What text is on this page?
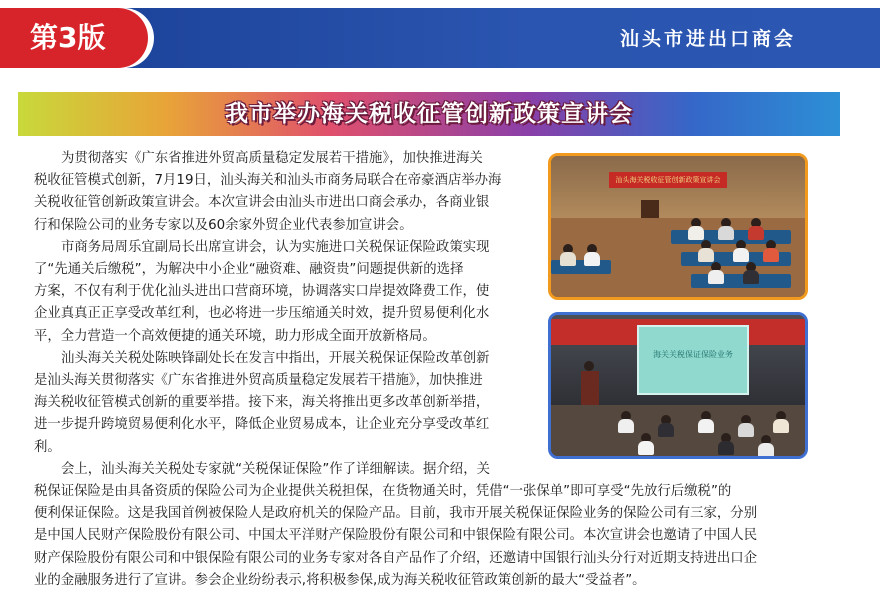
第3版	汕头市进出口商会
我市举办海关税收征管创新政策宣讲会
为贯彻落实《广东省推进外贸高质量稳定发展若干措施》，加快推进海关
税收征管模式创新，7月19日，汕头海关和汕头市商务局联合在帝豪酒店举办海
关税收征管创新政策宣讲会。本次宣讲会由汕头市进出口商会承办，各商业银
行和保险公司的业务专家以及60余家外贸企业代表参加宣讲会。
市商务局周乐宜副局长出席宣讲会，认为实施进口关税保证保险政策实现
了“先通关后缴税”，为解决中小企业“融资难、融资贵”问题提供新的选择
方案，不仅有利于优化汕头进出口营商环境，协调落实口岸提效降费工作，使
企业真真正正享受改革红利，也必将进一步压缩通关时效，提升贸易便利化水
平，全力营造一个高效便捷的通关环境，助力形成全面开放新格局。
汕头海关关税处陈映锋副处长在发言中指出，开展关税保证保险改革创新
是汕头海关贯彻落实《广东省推进外贸高质量稳定发展若干措施》，加快推进
海关税收征管模式创新的重要举措。接下来，海关将推出更多改革创新举措，
进一步提升跨境贸易便利化水平，降低企业贸易成本，让企业充分享受改革红
利。
会上，汕头海关关税处专家就“关税保证保险”作了详细解读。据介绍，关
税保证保险是由具备资质的保险公司为企业提供关税担保，在货物通关时，凭借“一张保单”即可享受“先放行后缴税”的
便利保证保险。这是我国首例被保险人是政府机关的保险产品。目前，我市开展关税保证保险业务的保险公司有三家，分别
是中国人民财产保险股份有限公司、中国太平洋财产保险股份有限公司和中银保险有限公司。本次宣讲会也邀请了中国人民
财产保险股份有限公司和中银保险有限公司的业务专家对各自产品作了介绍，还邀请中国银行汕头分行对近期支持进出口企
业的金融服务进行了宣讲。参会企业纷纷表示,将积极参保,成为海关税收征管政策创新的最大“受益者”。
汕头海关税收征管创新政策宣讲会
海关关税保证保险业务
